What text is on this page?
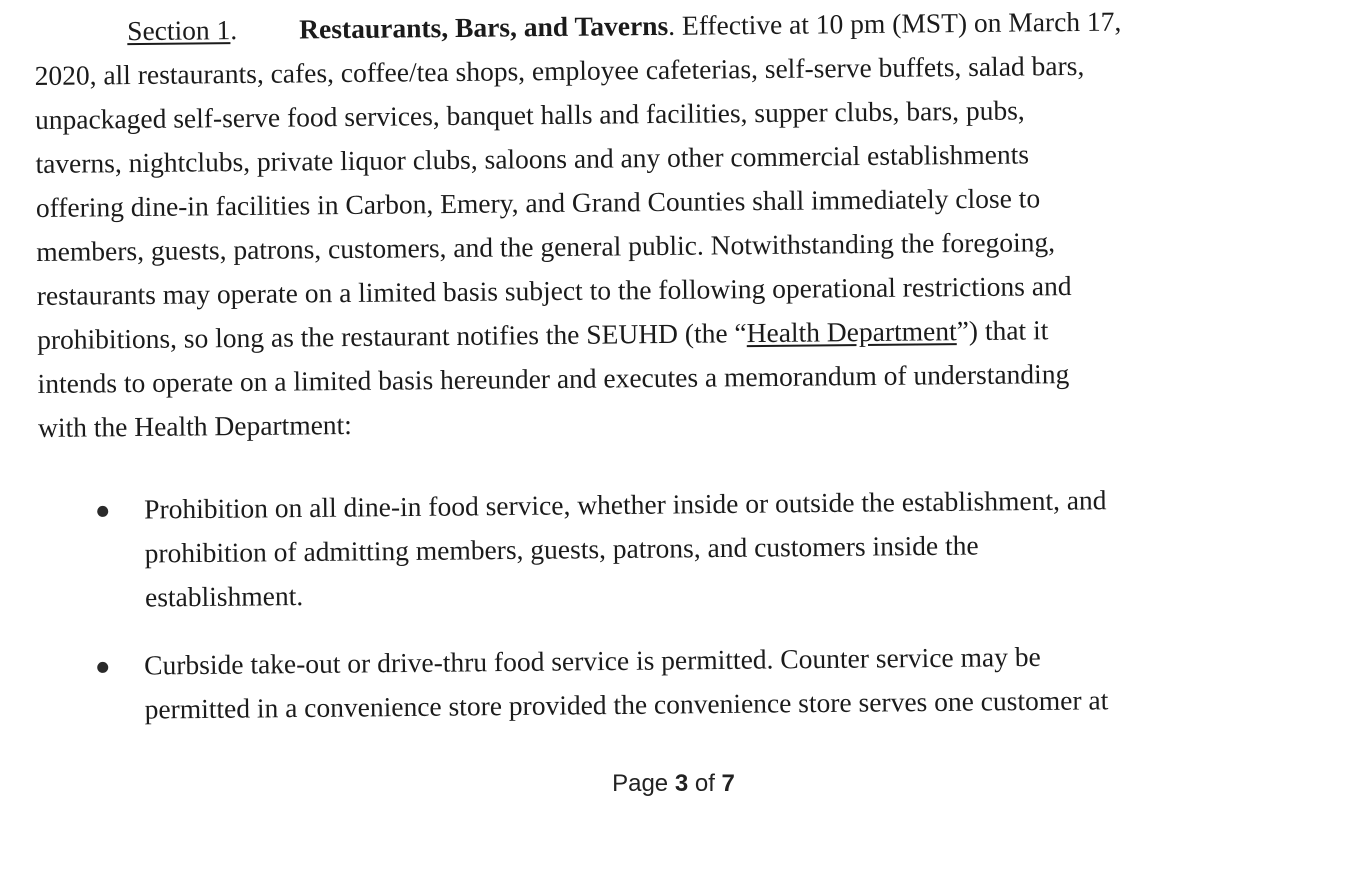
Section 1. Restaurants, Bars, and Taverns. Effective at 10 pm (MST) on March 17,
2020, all restaurants, cafes, coffee/tea shops, employee cafeterias, self-serve buffets, salad bars,
unpackaged self-serve food services, banquet halls and facilities, supper clubs, bars, pubs,
taverns, nightclubs, private liquor clubs, saloons and any other commercial establishments
offering dine-in facilities in Carbon, Emery, and Grand Counties shall immediately close to
members, guests, patrons, customers, and the general public. Notwithstanding the foregoing,
restaurants may operate on a limited basis subject to the following operational restrictions and
prohibitions, so long as the restaurant notifies the SEUHD (the “Health Department”) that it
intends to operate on a limited basis hereunder and executes a memorandum of understanding
with the Health Department:
Prohibition on all dine-in food service, whether inside or outside the establishment, and
prohibition of admitting members, guests, patrons, and customers inside the
establishment.
Curbside take-out or drive-thru food service is permitted. Counter service may be
permitted in a convenience store provided the convenience store serves one customer at
Page 3 of 7
